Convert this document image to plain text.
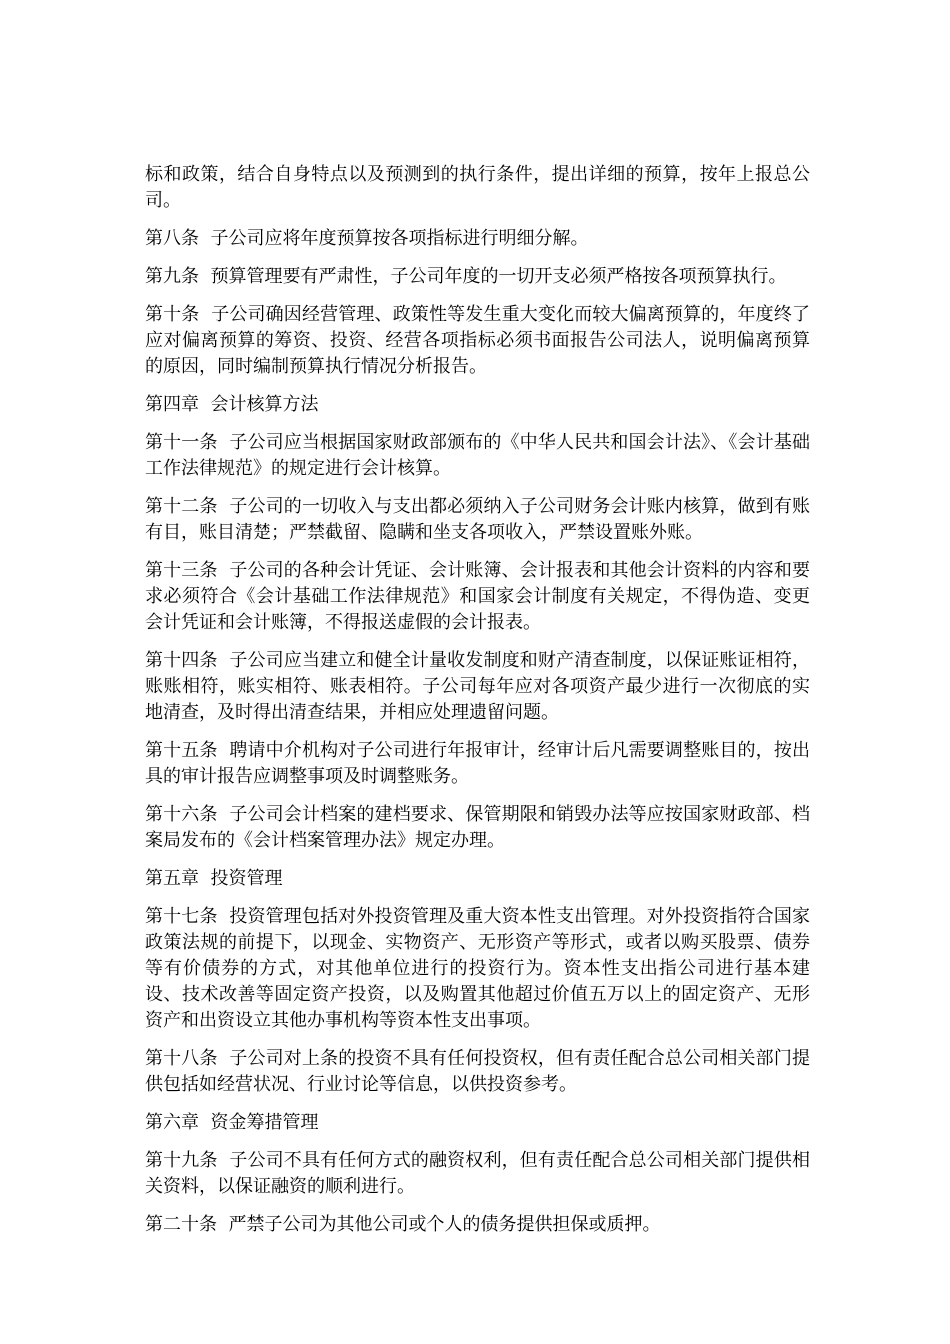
标和政策，结合自身特点以及预测到的执行条件，提出详细的预算，按年上报总公司。

第八条  子公司应将年度预算按各项指标进行明细分解。

第九条  预算管理要有严肃性，子公司年度的一切开支必须严格按各项预算执行。

第十条  子公司确因经营管理、政策性等发生重大变化而较大偏离预算的，年度终了应对偏离预算的筹资、投资、经营各项指标必须书面报告公司法人，说明偏离预算的原因，同时编制预算执行情况分析报告。

第四章  会计核算方法

第十一条  子公司应当根据国家财政部颁布的《中华人民共和国会计法》、《会计基础工作法律规范》的规定进行会计核算。

第十二条  子公司的一切收入与支出都必须纳入子公司财务会计账内核算，做到有账有目，账目清楚；严禁截留、隐瞒和坐支各项收入，严禁设置账外账。

第十三条  子公司的各种会计凭证、会计账簿、会计报表和其他会计资料的内容和要求必须符合《会计基础工作法律规范》和国家会计制度有关规定，不得伪造、变更会计凭证和会计账簿，不得报送虚假的会计报表。

第十四条  子公司应当建立和健全计量收发制度和财产清查制度，以保证账证相符，账账相符，账实相符、账表相符。子公司每年应对各项资产最少进行一次彻底的实地清查，及时得出清查结果，并相应处理遗留问题。

第十五条  聘请中介机构对子公司进行年报审计，经审计后凡需要调整账目的，按出具的审计报告应调整事项及时调整账务。

第十六条  子公司会计档案的建档要求、保管期限和销毁办法等应按国家财政部、档案局发布的《会计档案管理办法》规定办理。

第五章  投资管理

第十七条  投资管理包括对外投资管理及重大资本性支出管理。对外投资指符合国家政策法规的前提下，以现金、实物资产、无形资产等形式，或者以购买股票、债券等有价债券的方式，对其他单位进行的投资行为。资本性支出指公司进行基本建设、技术改善等固定资产投资，以及购置其他超过价值五万以上的固定资产、无形资产和出资设立其他办事机构等资本性支出事项。

第十八条  子公司对上条的投资不具有任何投资权，但有责任配合总公司相关部门提供包括如经营状况、行业讨论等信息，以供投资参考。

第六章  资金筹措管理

第十九条  子公司不具有任何方式的融资权利，但有责任配合总公司相关部门提供相关资料，以保证融资的顺利进行。

第二十条  严禁子公司为其他公司或个人的债务提供担保或质押。
